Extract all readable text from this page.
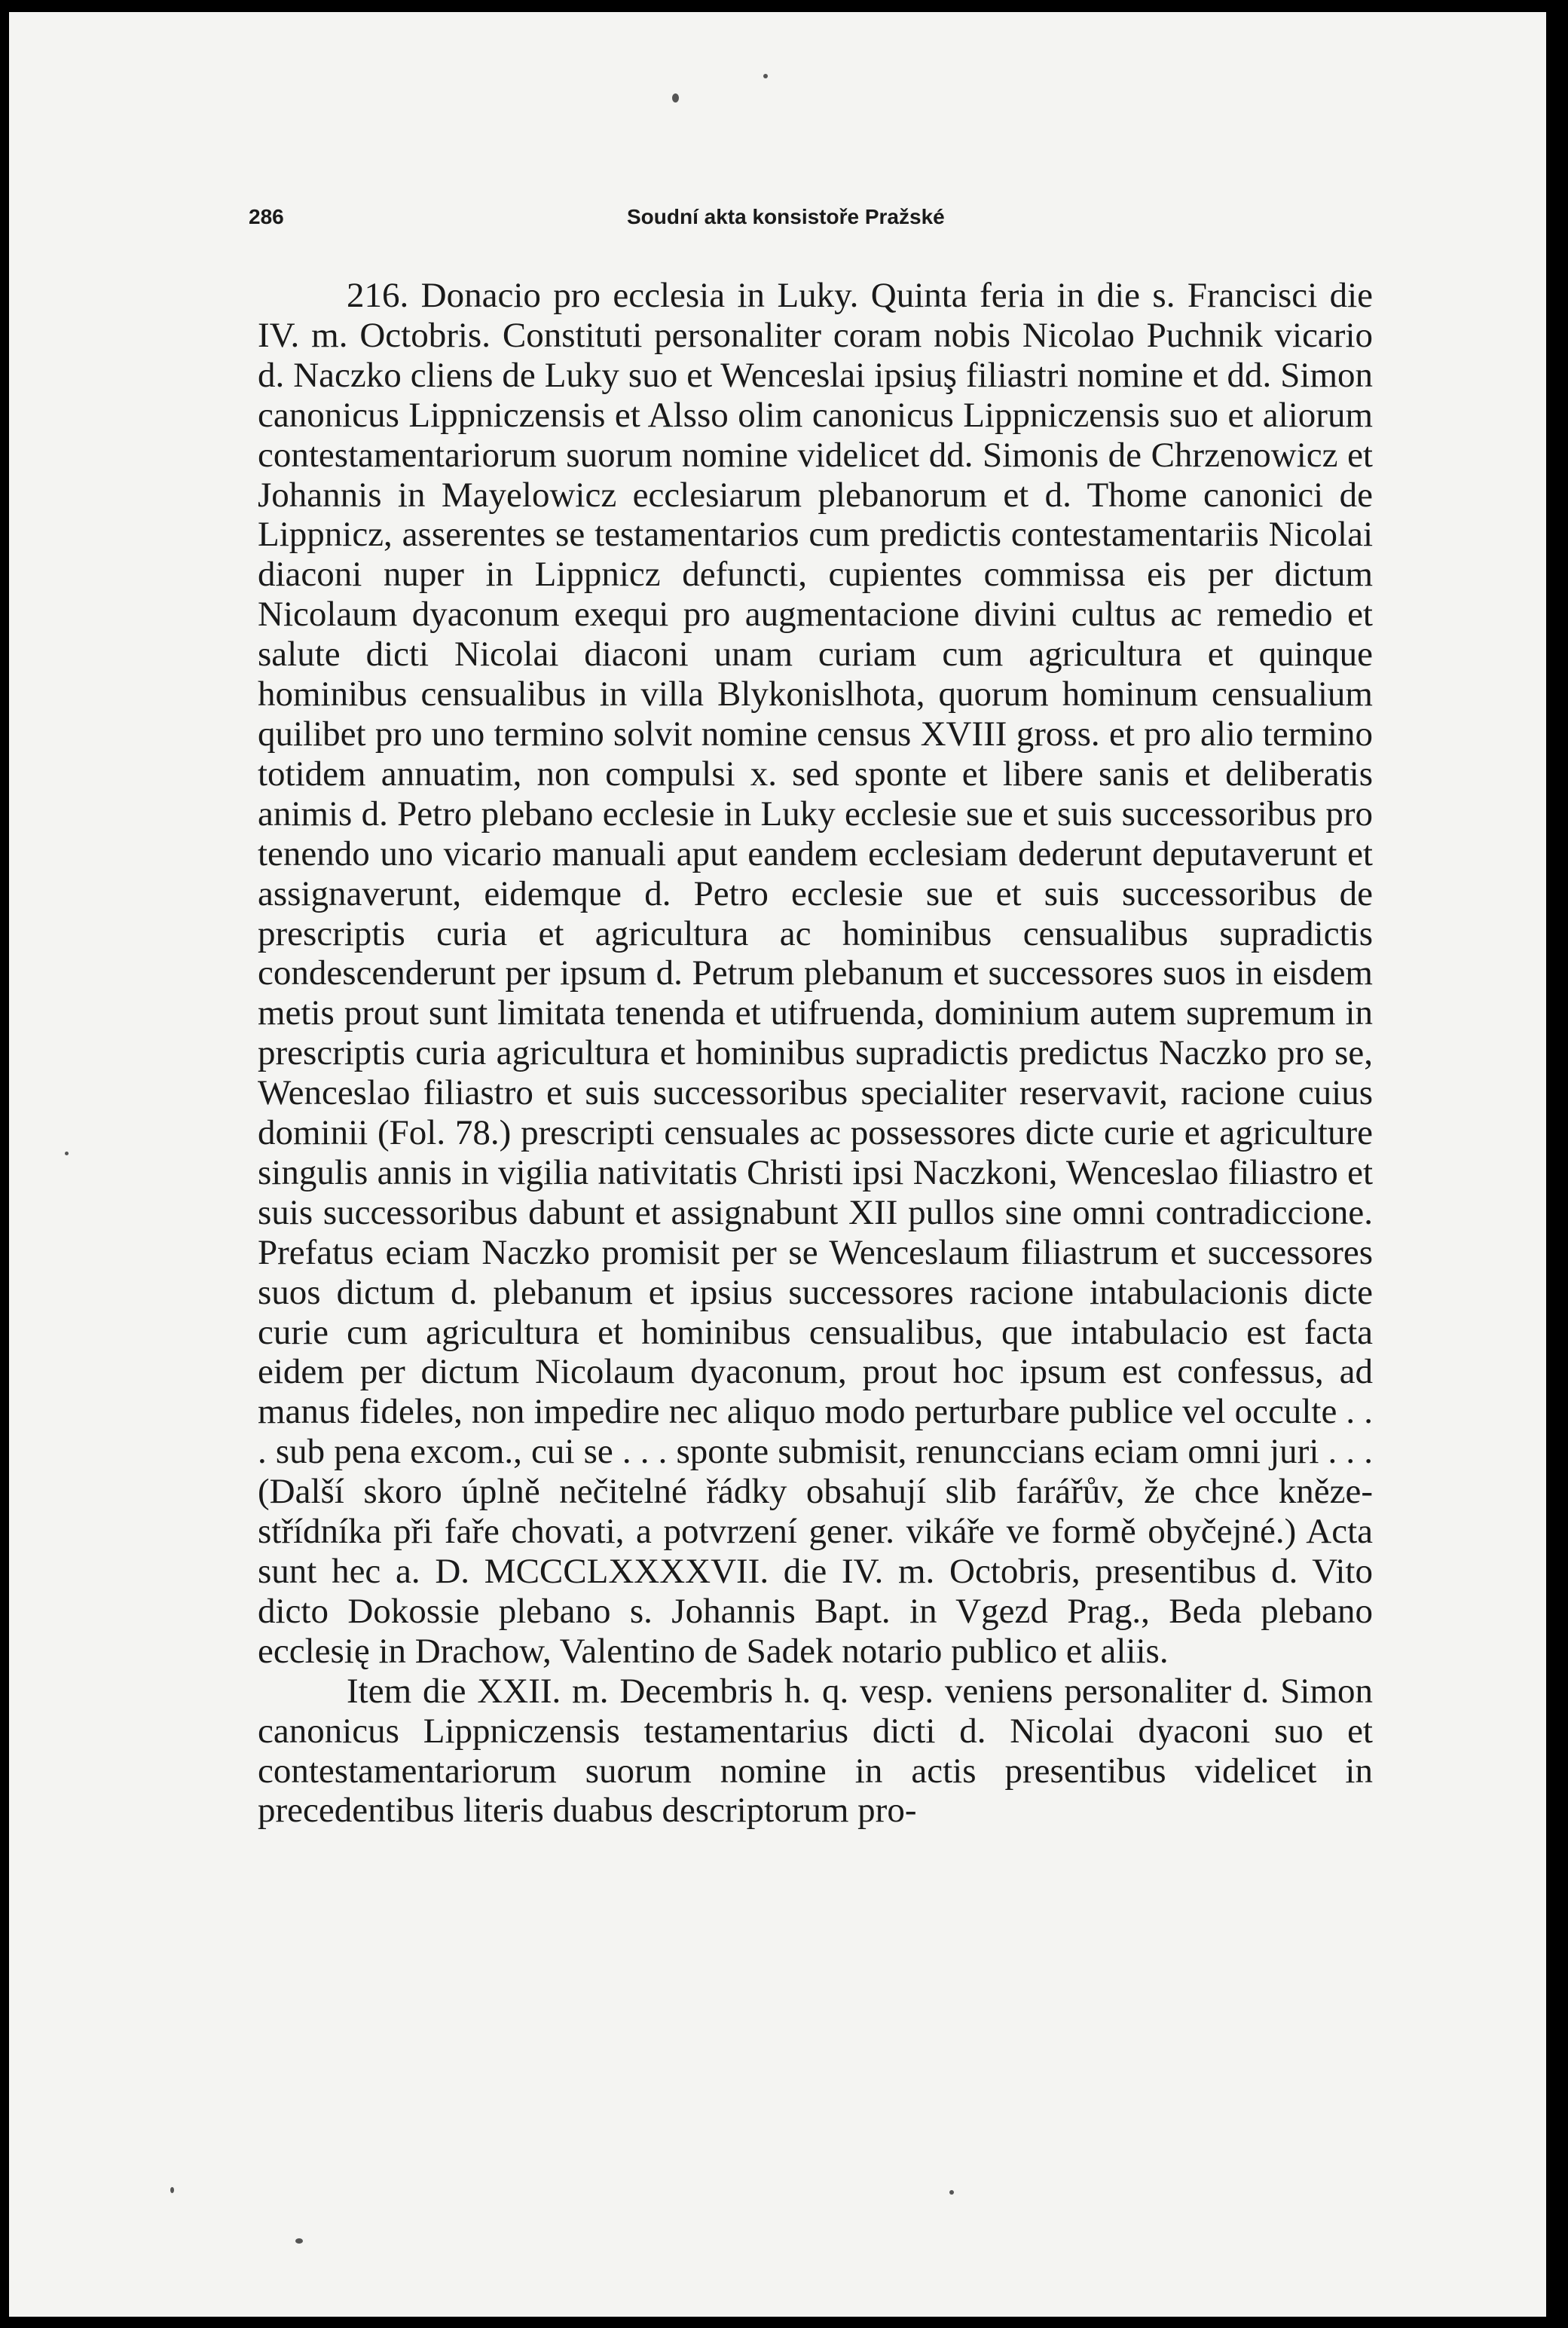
286	Soudní akta konsistoře Pražské

216. Donacio pro ecclesia in Luky. Quinta feria in die s. Francisci die IV. m. Octobris. Constituti personaliter coram nobis Nicolao Puchnik vicario d. Naczko cliens de Luky suo et Wenceslai ipsiuş filiastri nomine et dd. Simon canonicus Lippniczensis et Alsso olim canonicus Lippniczensis suo et aliorum contestamentariorum suorum nomine videlicet dd. Simonis de Chrzenowicz et Johannis in Mayelowicz ecclesiarum plebanorum et d. Thome canonici de Lippnicz, asserentes se testamentarios cum predictis contestamentariis Nicolai diaconi nuper in Lippnicz defuncti, cupientes commissa eis per dictum Nicolaum dyaconum exequi pro augmentacione divini cultus ac remedio et salute dicti Nicolai diaconi unam curiam cum agricultura et quinque hominibus censualibus in villa Blykonislhota, quorum hominum censualium quilibet pro uno termino solvit nomine census XVIII gross. et pro alio termino totidem annuatim, non compulsi x. sed sponte et libere sanis et deliberatis animis d. Petro plebano ecclesie in Luky ecclesie sue et suis successoribus pro tenendo uno vicario manuali aput eandem ecclesiam dederunt deputaverunt et assignaverunt, eidemque d. Petro ecclesie sue et suis successoribus de prescriptis curia et agricultura ac hominibus censualibus supradictis condescenderunt per ipsum d. Petrum plebanum et successores suos in eisdem metis prout sunt limitata tenenda et utifruenda, dominium autem supremum in prescriptis curia agricultura et hominibus supradictis predictus Naczko pro se, Wenceslao filiastro et suis successoribus specialiter reservavit, racione cuius dominii (Fol. 78.) prescripti censuales ac possessores dicte curie et agriculture singulis annis in vigilia nativitatis Christi ipsi Naczkoni, Wenceslao filiastro et suis successoribus dabunt et assignabunt XII pullos sine omni contradiccione. Prefatus eciam Naczko promisit per se Wenceslaum filiastrum et successores suos dictum d. plebanum et ipsius successores racione intabulacionis dicte curie cum agricultura et hominibus censualibus, que intabulacio est facta eidem per dictum Nicolaum dyaconum, prout hoc ipsum est confessus, ad manus fideles, non impedire nec aliquo modo perturbare publice vel occulte . . . sub pena excom., cui se . . . sponte submisit, renunccians eciam omni juri . . . (Další skoro úplně nečitelné řádky obsahují slib farářův, že chce kněze-střídníka při faře chovati, a potvrzení gener. vikáře ve formě obyčejné.) Acta sunt hec a. D. MCCCLXXXXVII. die IV. m. Octobris, presentibus d. Vito dicto Dokossie plebano s. Johannis Bapt. in Vgezd Prag., Beda plebano ecclesię in Drachow, Valentino de Sadek notario publico et aliis.

Item die XXII. m. Decembris h. q. vesp. veniens personaliter d. Simon canonicus Lippniczensis testamentarius dicti d. Nicolai dyaconi suo et contestamentariorum suorum nomine in actis presentibus videlicet in precedentibus literis duabus descriptorum pro-
